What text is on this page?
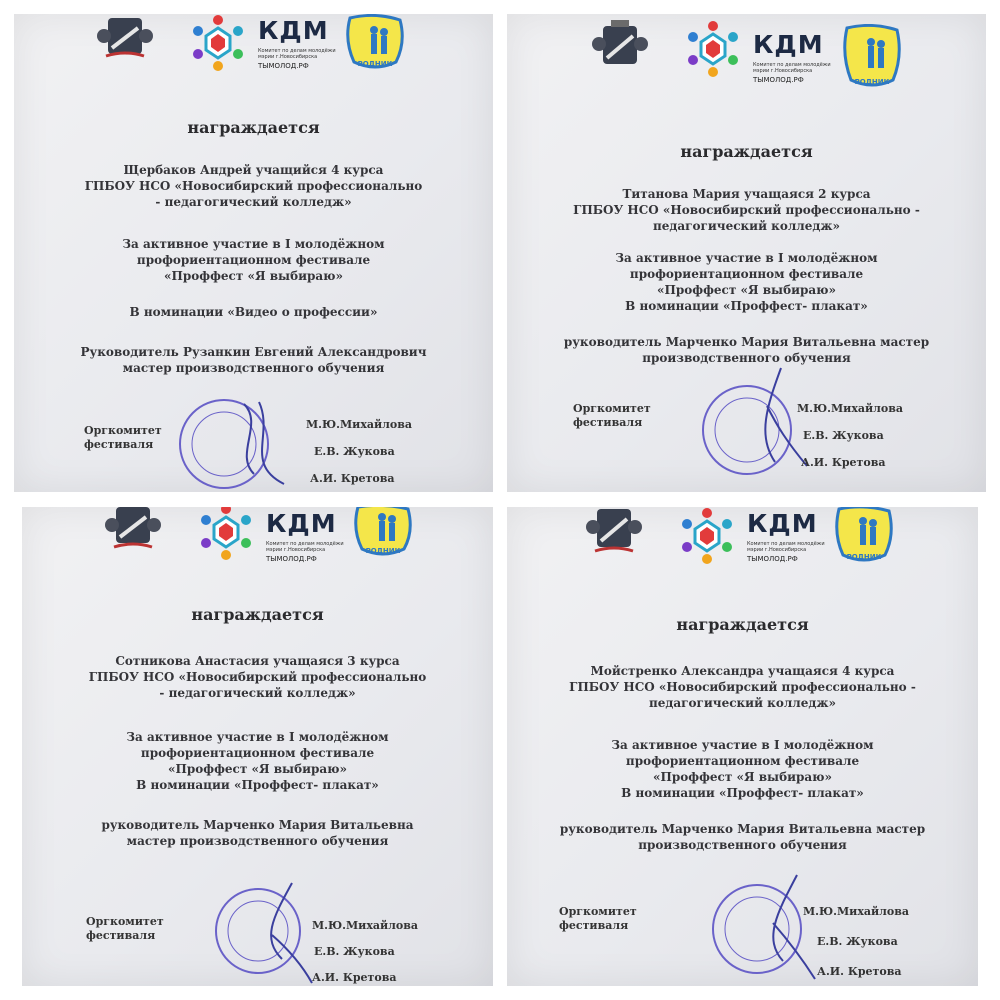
КДМ
Комитет по делам молодёжи мэрии г.Новосибирска
ТЫМОЛОД.РФ	РОДНИК
награждается
Щербаков Андрей учащийся 4 курса
ГПБОУ НСО «Новосибирский профессионально
- педагогический колледж»
За активное участие в I молодёжном
профориентационном фестивале
«Проффест «Я выбираю»
В номинации «Видео о профессии»
Руководитель Рузанкин Евгений Александрович
мастер производственного обучения
Оргкомитет
фестиваля
М.Ю.Михайлова
Е.В. Жукова
А.И. Кретова
КДМ
Комитет по делам молодёжи мэрии г.Новосибирска
ТЫМОЛОД.РФ	РОДНИК
награждается
Титанова Мария учащаяся 2 курса
ГПБОУ НСО «Новосибирский профессионально -
педагогический колледж»
За активное участие в I молодёжном
профориентационном фестивале
«Проффест «Я выбираю»
В номинации «Проффест- плакат»
руководитель Марченко Мария Витальевна мастер
производственного обучения
Оргкомитет
фестиваля
М.Ю.Михайлова
Е.В. Жукова
А.И. Кретова
КДМ
Комитет по делам молодёжи мэрии г.Новосибирска
ТЫМОЛОД.РФ
РОДНИК
награждается
Сотникова Анастасия учащаяся 3 курса
ГПБОУ НСО «Новосибирский профессионально
- педагогический колледж»
За активное участие в I молодёжном
профориентационном фестивале
«Проффест «Я выбираю»
В номинации «Проффест- плакат»
руководитель Марченко Мария Витальевна
мастер производственного обучения
Оргкомитет
фестиваля
М.Ю.Михайлова
Е.В. Жукова
А.И. Кретова
КДМ
Комитет по делам молодёжи мэрии г.Новосибирска
ТЫМОЛОД.РФ	РОДНИК
награждается
Мойстренко Александра учащаяся 4 курса
ГПБОУ НСО «Новосибирский профессионально -
педагогический колледж»
За активное участие в I молодёжном
профориентационном фестивале
«Проффест «Я выбираю»
В номинации «Проффест- плакат»
руководитель Марченко Мария Витальевна мастер
производственного обучения
Оргкомитет
фестиваля
М.Ю.Михайлова
Е.В. Жукова
А.И. Кретова
